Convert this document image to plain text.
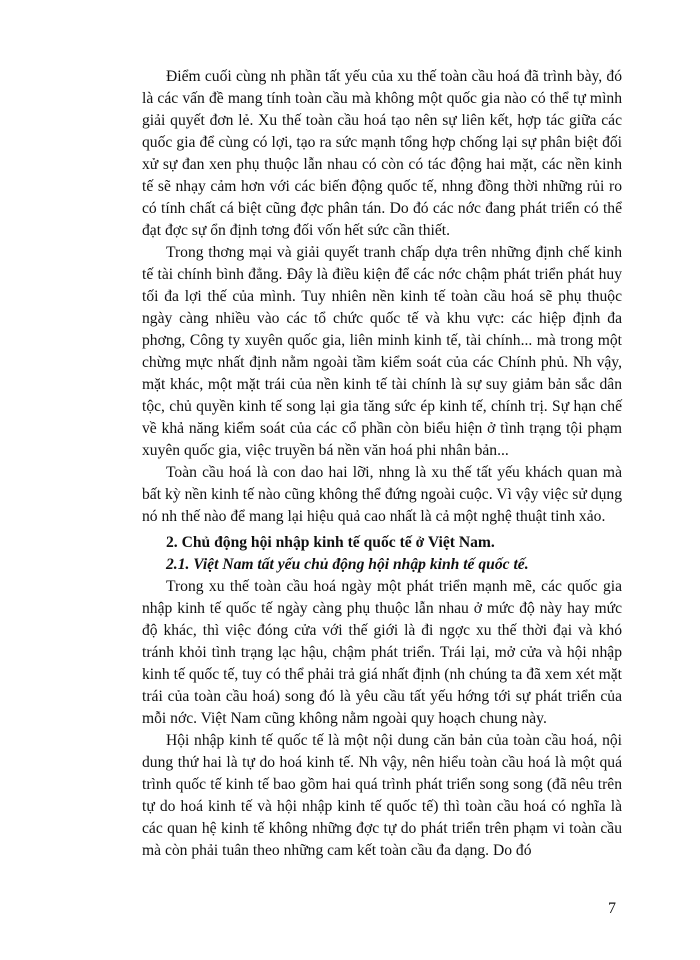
Điểm cuối cùng nh phần tất yếu của xu thế toàn cầu hoá đã trình bày, đó là các vấn đề mang tính toàn cầu mà không một quốc gia nào có thể tự mình giải quyết đơn lẻ. Xu thế toàn cầu hoá tạo nên sự liên kết, hợp tác giữa các quốc gia để cùng có lợi, tạo ra sức mạnh tổng hợp chống lại sự phân biệt đối xử sự đan xen phụ thuộc lẫn nhau có còn có tác động hai mặt, các nền kinh tế sẽ nhạy cảm hơn với các biến động quốc tế, nhng đồng thời những rủi ro có tính chất cá biệt cũng đợc phân tán. Do đó các nớc đang phát triển có thể đạt đợc sự ổn định tơng đối vốn hết sức cần thiết.

Trong thơng mại và giải quyết tranh chấp dựa trên những định chế kinh tế tài chính bình đẳng. Đây là điều kiện để các nớc chậm phát triển phát huy tối đa lợi thế của mình. Tuy nhiên nền kinh tế toàn cầu hoá sẽ phụ thuộc ngày càng nhiều vào các tổ chức quốc tế và khu vực: các hiệp định đa phơng, Công ty xuyên quốc gia, liên minh kinh tế, tài chính... mà trong một chừng mực nhất định nằm ngoài tầm kiểm soát của các Chính phủ. Nh vậy, mặt khác, một mặt trái của nền kinh tế tài chính là sự suy giảm bản sắc dân tộc, chủ quyền kinh tế song lại gia tăng sức ép kinh tế, chính trị. Sự hạn chế về khả năng kiểm soát của các cổ phần còn biểu hiện ở tình trạng tội phạm xuyên quốc gia, việc truyền bá nền văn hoá phi nhân bản...

Toàn cầu hoá là con dao hai lỡi, nhng là xu thế tất yếu khách quan mà bất kỳ nền kinh tế nào cũng không thể đứng ngoài cuộc. Vì vậy việc sử dụng nó nh thế nào để mang lại hiệu quả cao nhất là cả một nghệ thuật tinh xảo.

2. Chủ động hội nhập kinh tế quốc tế ở Việt Nam.

2.1. Việt Nam tất yếu chủ động hội nhập kinh tế quốc tế.

Trong xu thế toàn cầu hoá ngày một phát triển mạnh mẽ, các quốc gia nhập kinh tế quốc tế ngày càng phụ thuộc lẫn nhau ở mức độ này hay mức độ khác, thì việc đóng cửa với thế giới là đi ngợc xu thế thời đại và khó tránh khỏi tình trạng lạc hậu, chậm phát triển. Trái lại, mở cửa và hội nhập kinh tế quốc tế, tuy có thể phải trả giá nhất định (nh chúng ta đã xem xét mặt trái của toàn cầu hoá) song đó là yêu cầu tất yếu hớng tới sự phát triển của mỗi nớc. Việt Nam cũng không nằm ngoài quy hoạch chung này.

Hội nhập kinh tế quốc tế là một nội dung căn bản của toàn cầu hoá, nội dung thứ hai là tự do hoá kinh tế. Nh vậy, nên hiểu toàn cầu hoá là một quá trình quốc tế kinh tế bao gồm hai quá trình phát triển song song (đã nêu trên tự do hoá kinh tế và hội nhập kinh tế quốc tế) thì toàn cầu hoá có nghĩa là các quan hệ kinh tế không những đợc tự do phát triển trên phạm vi toàn cầu mà còn phải tuân theo những cam kết toàn cầu đa dạng. Do đó

7
